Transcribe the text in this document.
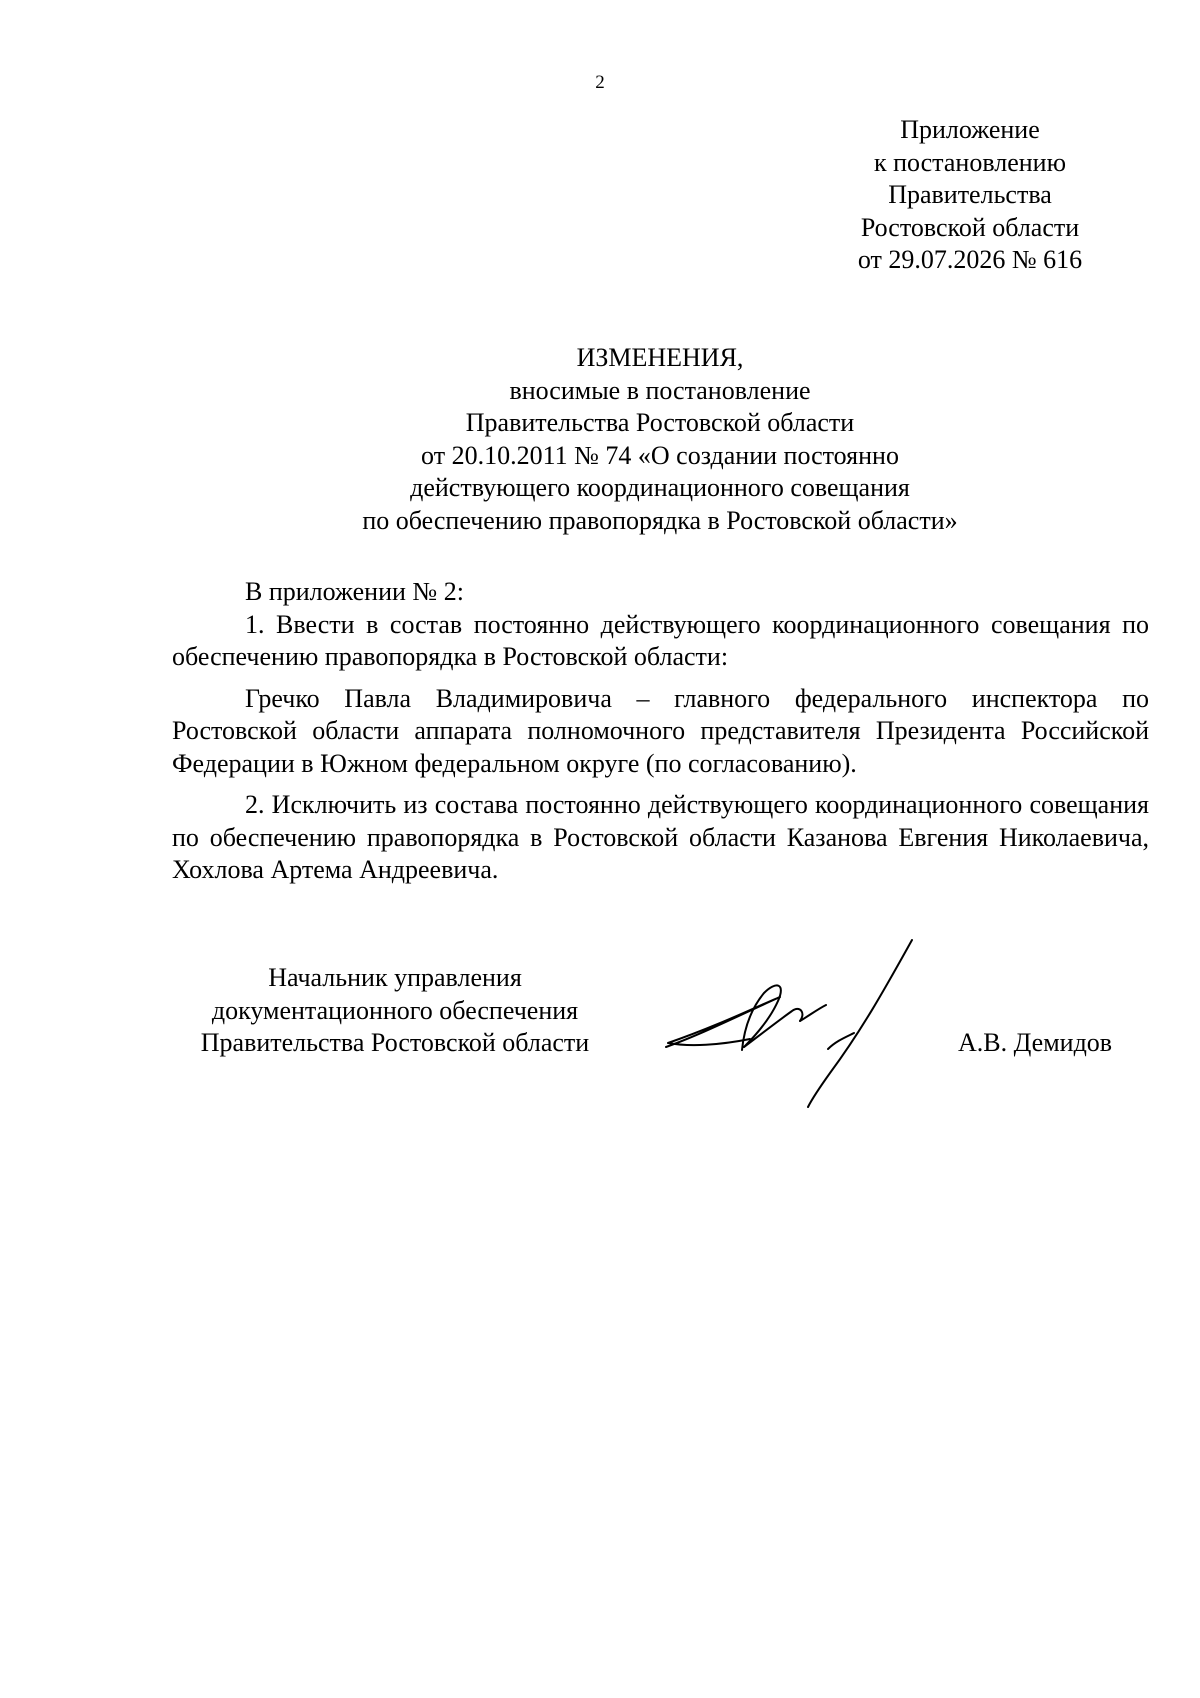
2
Приложение
к постановлению
Правительства
Ростовской области
от 29.07.2026 № 616
ИЗМЕНЕНИЯ,
вносимые в постановление
Правительства Ростовской области
от 20.10.2011 № 74 «О создании постоянно
действующего координационного совещания
по обеспечению правопорядка в Ростовской области»

В приложении № 2:

1. Ввести в состав постоянно действующего координационного совещания по обеспечению правопорядка в Ростовской области:

Гречко Павла Владимировича – главного федерального инспектора по Ростовской области аппарата полномочного представителя Президента Российской Федерации в Южном федеральном округе (по согласованию).

2. Исключить из состава постоянно действующего координационного совещания по обеспечению правопорядка в Ростовской области Казанова Евгения Николаевича, Хохлова Артема Андреевича.

Начальник управления
документационного обеспечения
Правительства Ростовской области	А.В. Демидов
